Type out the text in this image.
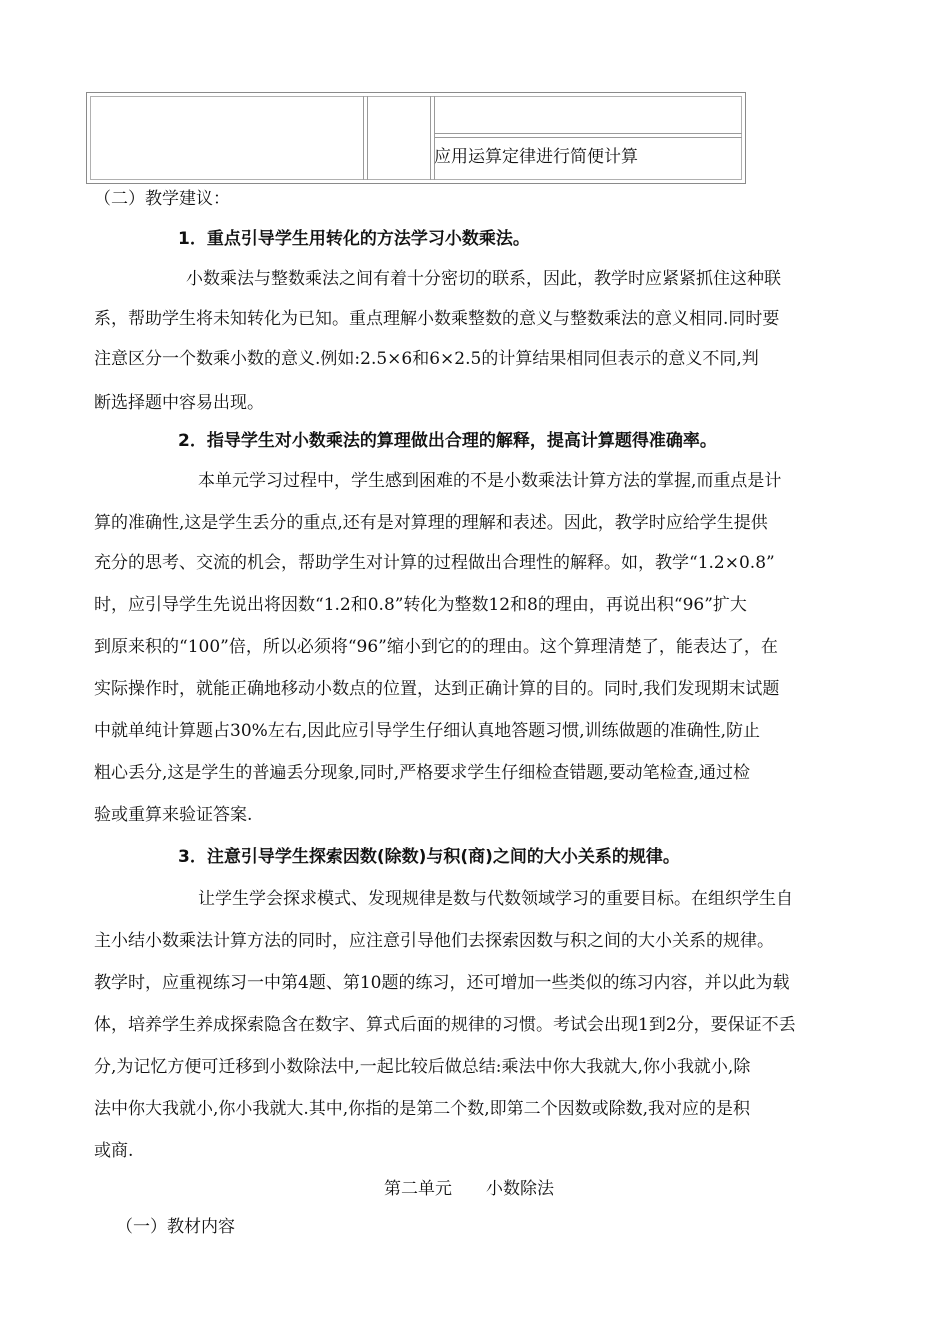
应用运算定律进行简便计算
（二）教学建议：
1．重点引导学生用转化的方法学习小数乘法。
小数乘法与整数乘法之间有着十分密切的联系，因此，教学时应紧紧抓住这种联
系，帮助学生将未知转化为已知。重点理解小数乘整数的意义与整数乘法的意义相同.同时要
注意区分一个数乘小数的意义.例如:2.5×6和6×2.5的计算结果相同但表示的意义不同,判
断选择题中容易出现。
2．指导学生对小数乘法的算理做出合理的解释，提高计算题得准确率。
本单元学习过程中，学生感到困难的不是小数乘法计算方法的掌握,而重点是计
算的准确性,这是学生丢分的重点,还有是对算理的理解和表述。因此，教学时应给学生提供
充分的思考、交流的机会，帮助学生对计算的过程做出合理性的解释。如，教学“1.2×0.8”
时，应引导学生先说出将因数“1.2和0.8”转化为整数12和8的理由，再说出积“96”扩大
到原来积的“100”倍，所以必须将“96”缩小到它的的理由。这个算理清楚了，能表达了，在
实际操作时，就能正确地移动小数点的位置，达到正确计算的目的。同时,我们发现期末试题
中就单纯计算题占30%左右,因此应引导学生仔细认真地答题习惯,训练做题的准确性,防止
粗心丢分,这是学生的普遍丢分现象,同时,严格要求学生仔细检查错题,要动笔检查,通过检
验或重算来验证答案.
3．注意引导学生探索因数(除数)与积(商)之间的大小关系的规律。
让学生学会探求模式、发现规律是数与代数领域学习的重要目标。在组织学生自
主小结小数乘法计算方法的同时，应注意引导他们去探索因数与积之间的大小关系的规律。
教学时，应重视练习一中第4题、第10题的练习，还可增加一些类似的练习内容，并以此为载
体，培养学生养成探索隐含在数字、算式后面的规律的习惯。考试会出现1到2分，要保证不丢
分,为记忆方便可迁移到小数除法中,一起比较后做总结:乘法中你大我就大,你小我就小,除
法中你大我就小,你小我就大.其中,你指的是第二个数,即第二个因数或除数,我对应的是积
或商.
第二单元　　小数除法
（一）教材内容
